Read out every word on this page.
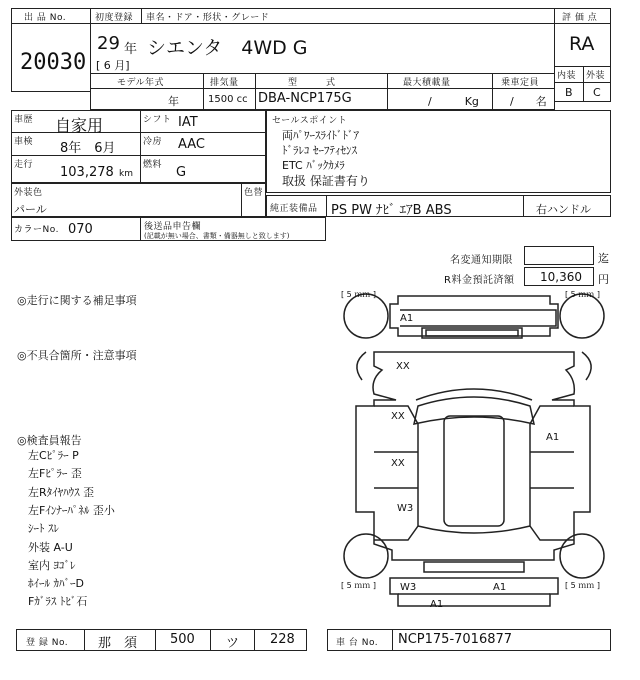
出 品 No.
20030
初度登録 車名・ドア・形状・グレード
29 年
[ 6 月]
シエンタ　4WD G
評 価 点
RA
内装 外装
B C
モデル年式	排気量	型　　　式	最大積載量	乗車定員
年	1500 cc DBA-NCP175G	/　　　Kg	/　　名
車歴 自家用	シフト IAT
車検 8年　6月	冷房 AAC
走行 103,278 km
燃料 G
セールスポイント
両ﾊﾟﾜｰｽﾗｲﾄﾞﾄﾞｱ
ﾄﾞﾗﾚｺ ｾｰﾌﾃｨｾﾝｽ
ETC ﾊﾞｯｸｶﾒﾗ
取扱 保証書有り
外装色
パール
色替
純正装備品 PS PW ﾅﾋﾞ ｴｱB ABS	右ハンドル
カラーNo. 070	後送品申告欄
(記載が無い場合、書類・備器無しと致します)
名変通知期限	迄
R料金預託済額 10,360 円
◎走行に関する補足事項
◎不具合箇所・注意事項
◎検査員報告
左Cﾋﾟﾗｰ P
左Fﾋﾟﾗｰ 歪
左Rﾀｲﾔﾊｳｽ 歪
左Fｲﾝﾅｰﾊﾟﾈﾙ 歪小
ｼｰﾄ ｽﾚ
外装 A-U
室内 ﾖｺﾞﾚ
ﾎｲｰﾙ ｶﾊﾞｰD
Fｶﾞﾗｽ ﾄﾋﾞ石
[ 5 ｍｍ ]	[ 5 ｍｍ ]
[ 5 ｍｍ ]	[ 5 ｍｍ ]
A1
XX
XX
XX
A1
W3
W3	A1
A1
登 録 No. 那　須	500 ツ 228	車 台 No. NCP175-7016877
